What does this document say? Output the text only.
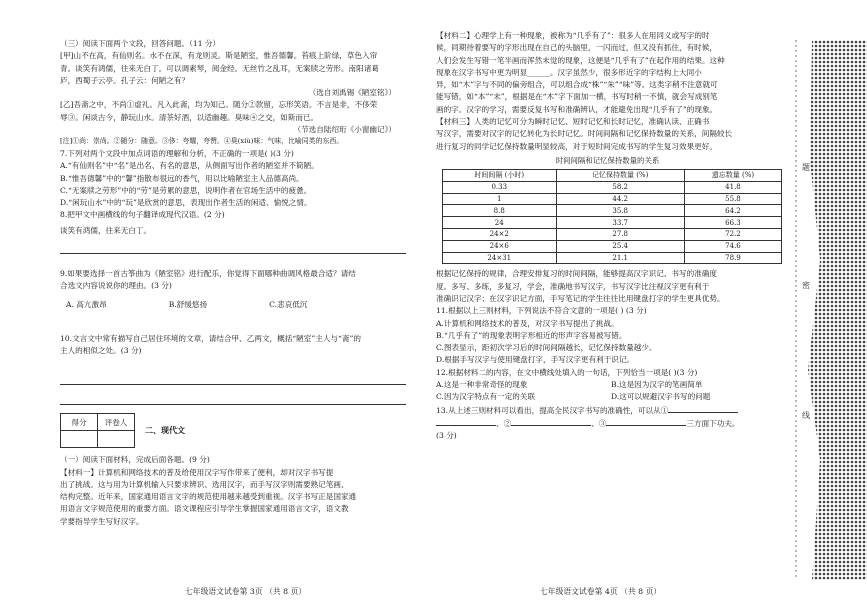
（三）阅读下面两个文段，回答问题。（11 分）

[甲]山不在高，有仙则名。水不在深，有龙则灵。斯是陋室，惟吾德馨。苔痕上阶绿，草色入帘

青。谈笑有鸿儒，往来无白丁。可以调素琴，阅金经。无丝竹之乱耳，无案牍之劳形。南阳诸葛

庐，西蜀子云亭。孔子云：何陋之有？

（选自刘禹锡《陋室铭》）

[乙]吾斋之中，不尚①虚礼。凡入此斋，均为知己。随分②款留，忘形笑语。不言是非，不侈荣

辱③。闲谈古今，静玩山水。清茶好酒，以适幽趣。臭味④之交，如斯而已。

（节选自陆绍珩《小窗幽记》）

[注]①尚：崇尚。②随分：随意。③侈：夸耀，夸赞。④臭(xiù)味：气味，比喻同类的东西。

7.下列对两个文段中加点词语的理解和分析，不正确的一项是( )(3 分)

A.“有仙则名”中“名”是出名、有名的意思，从侧面写出作者的陋室并不简陋。

B.“惟吾德馨”中的“馨”指散布很远的香气，用以比喻陋室主人品德高尚。

C.“无案牍之劳形”中的“劳”是劳累的意思，说明作者在官场生活中的疲惫。

D.“闲玩山水”中的“玩”是欣赏的意思，表现出作者生活的闲适、愉悦之情。

8.把甲文中画横线的句子翻译成现代汉语。(2 分)

谈笑有鸿儒，往来无白丁。

9.如果要选择一首古筝曲为《陋室铭》进行配乐，你觉得下面哪种曲调风格最合适？请结

合选文内容说说你的理由。(3 分)

A. 高亢激昂	B.舒缓悠扬	C.悲哀低沉

10.文言文中常有描写自己居住环境的文章，请结合甲、乙两文，概括“陋室”主人与“斋”的

主人的相似之处。(3 分)

得分	评卷人

二、现代文

（一）阅读下面材料，完成后面各题。(9 分)

【材料一】计算机和网络技术的普及给使用汉字写作带来了便利，却对汉字书写提

出了挑战。这与用为计算机输入只要求辨识、选用汉字，而手写汉字则需要熟记笔画、

结构完整。近年来，国家通用语言文字的规范使用越来越受到重视。汉字书写正是国家通

用语言文字规范使用的重要方面。语文课程应引导学生掌握国家通用语言文字，语文教

学要指导学生写好汉字。

七年级语文试卷第 3页 （共 8 页）

【材料二】心理学上有一种现象，被称为“几乎有了”：很多人在用同义或写字的时

候，同期待着要写的字形出现在自己的头脑里，一闪而过，但又没有抓住，有时候，

人们会发生写错一笔半画而浑然未觉的现象，这便是“几乎有了”在起作用的结果。这种

现象在汉字书写中更为明显______。汉字虽然少，很多形近字的字结构上大同小

异，如“木”字与不同的偏旁组合，可以组合成“株”“朱”“味”等。这类字稍不注意就可

能写错，如“本”“末”，根据是在“木”字下面加一横，书写时稍一不慎，就会写成别笔

画的字。汉字的学习，需要反复书写和准确辨认，才能避免出现“几乎有了”的现象。

【材料三】人类的记忆可分为瞬时记忆、短时记忆和长时记忆，准确认读、正确书

写汉字，需要对汉字的记忆转化为长时记忆。时间间隔和记忆保持数量的关系，间隔较长

进行复习的同学记忆保持数量明显较高，对于短时间完成书写的学生复习效果更好。

时间间隔和记忆保持数量的关系

时间间隔 (小时)	记忆保持数量 (%)	遗忘数量 (%)
0.33	58.2	41.8
1	44.2	55.8
8.8	35.8	64.2
24	33.7	66.3
24×2	27.8	72.2
24×6	25.4	74.6
24×31	21.1	78.9

根据记忆保持的规律，合理安排复习的时间间隔，能够提高汉字识记、书写的准确度

度。多写、多练，多复习，学会，准确地书写汉字，书写汉字比注视汉字更有利于

准确识记汉字；在汉字识记方面，手写笔记的学生往往比用键盘打字的学生更具优势。

11.根据以上三则材料，下列说法不符合文意的一项是( ) (3 分)

A.计算机和网络技术的普及，对汉字书写提出了挑战。

B.“几乎有了”的现象表明字形相近的形声字容易被写错。

C.图表显示，距初次学习后的时间间隔越长，记忆保持数量越少。

D.根据手写汉字与使用键盘打字，手写汉字更有利于识记。

12.根据材料二的内容，在文中横线处填入的一句话，下列恰当一项是( )(3 分)

A.这是一种非常奇怪的现象	B.这是因为汉字的笔画简单

C.因为汉字特点有一定的关联	D.这可以规避汉字书写的问题

13.从上述三则材料可以看出，提高全民汉字书写的准确性，可以从①

、②	、③	三方面下功夫。

(3 分)

七年级语文试卷第 4页 （共 8 页）
题
密
线
